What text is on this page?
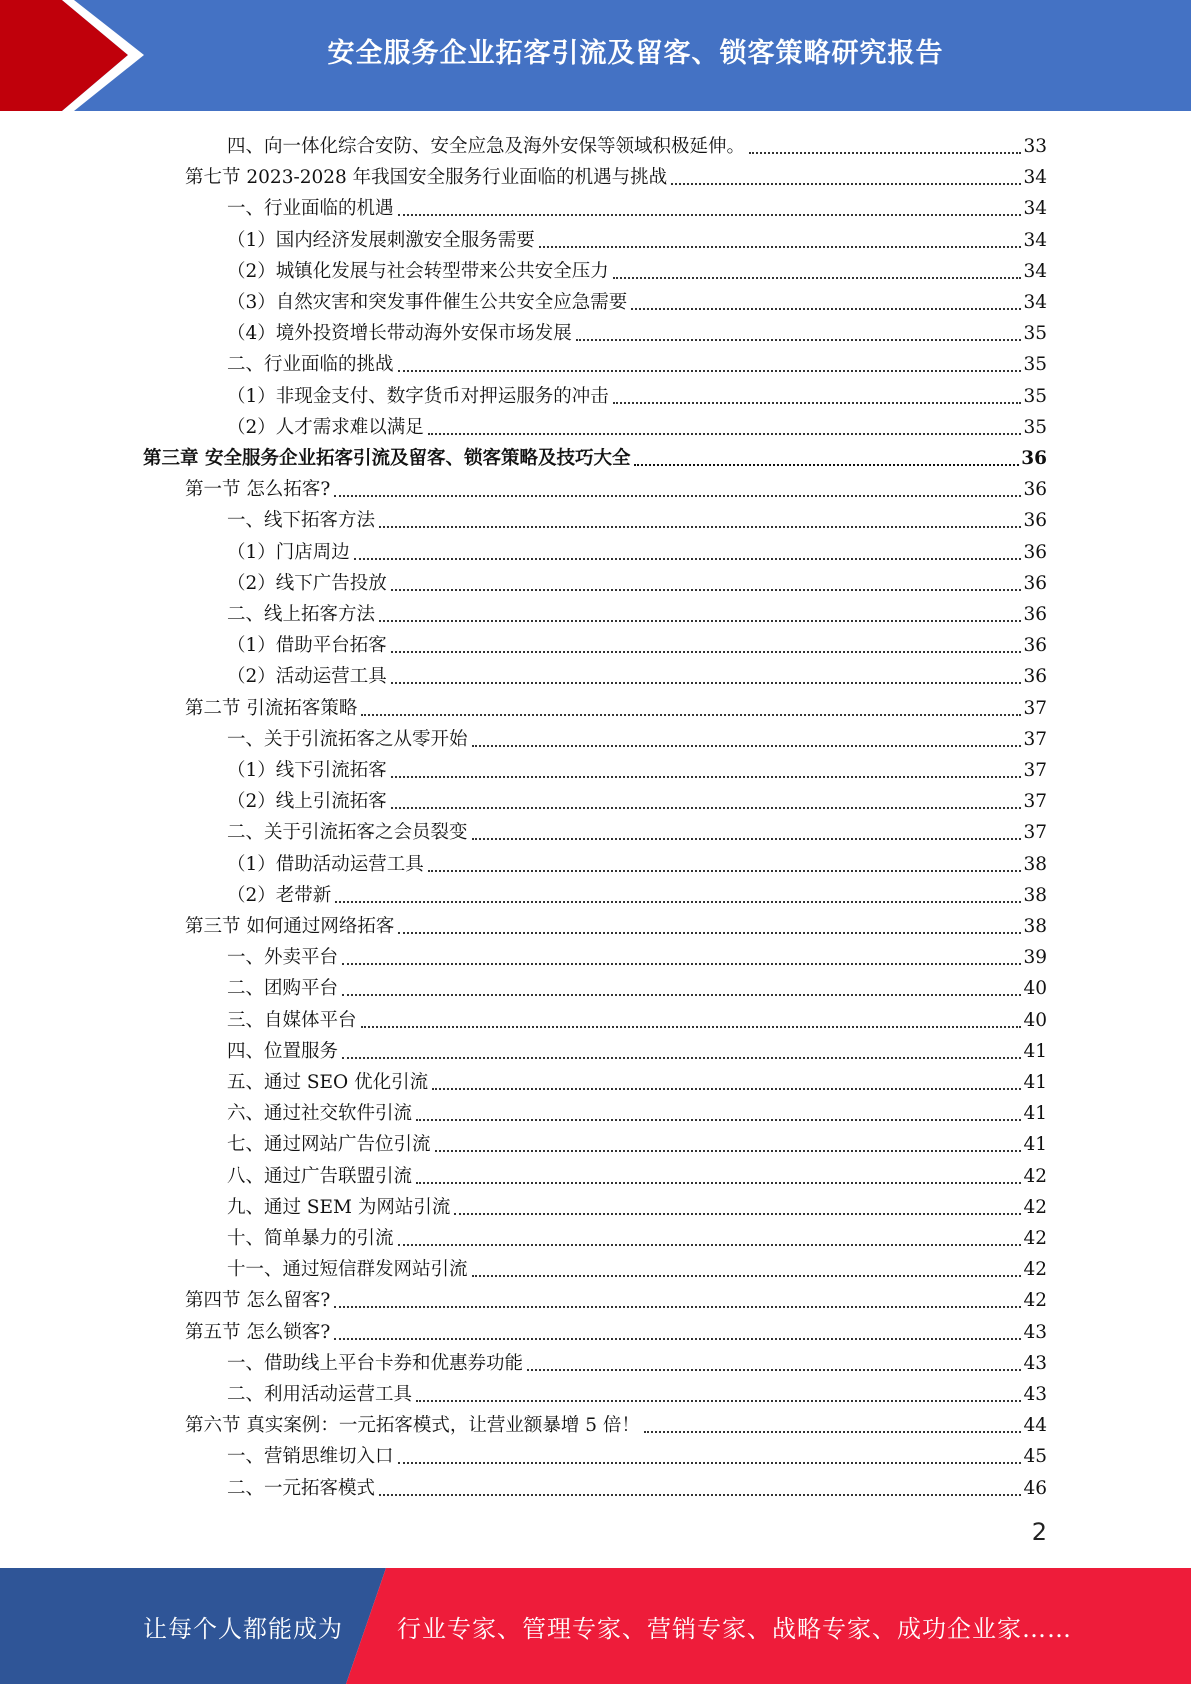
安全服务企业拓客引流及留客、锁客策略研究报告
四、向一体化综合安防、安全应急及海外安保等领域积极延伸。	33
第七节 2023-2028 年我国安全服务行业面临的机遇与挑战	34
一、行业面临的机遇	34
（1）国内经济发展刺激安全服务需要	34
（2）城镇化发展与社会转型带来公共安全压力	34
（3）自然灾害和突发事件催生公共安全应急需要	34
（4）境外投资增长带动海外安保市场发展	35
二、行业面临的挑战	35
（1）非现金支付、数字货币对押运服务的冲击	35
（2）人才需求难以满足	35
第三章 安全服务企业拓客引流及留客、锁客策略及技巧大全	36
第一节 怎么拓客?	36
一、线下拓客方法	36
（1）门店周边	36
（2）线下广告投放	36
二、线上拓客方法	36
（1）借助平台拓客	36
（2）活动运营工具	36
第二节 引流拓客策略	37
一、关于引流拓客之从零开始	37
（1）线下引流拓客	37
（2）线上引流拓客	37
二、关于引流拓客之会员裂变	37
（1）借助活动运营工具	38
（2）老带新	38
第三节 如何通过网络拓客	38
一、外卖平台	39
二、团购平台	40
三、自媒体平台	40
四、位置服务	41
五、通过 SEO 优化引流	41
六、通过社交软件引流	41
七、通过网站广告位引流	41
八、通过广告联盟引流	42
九、通过 SEM 为网站引流	42
十、简单暴力的引流	42
十一、通过短信群发网站引流	42
第四节 怎么留客?	42
第五节 怎么锁客?	43
一、借助线上平台卡券和优惠券功能	43
二、利用活动运营工具	43
第六节 真实案例：一元拓客模式，让营业额暴增 5 倍！	44
一、营销思维切入口	45
二、一元拓客模式	46
2
让每个人都能成为 行业专家、管理专家、营销专家、战略专家、成功企业家……
